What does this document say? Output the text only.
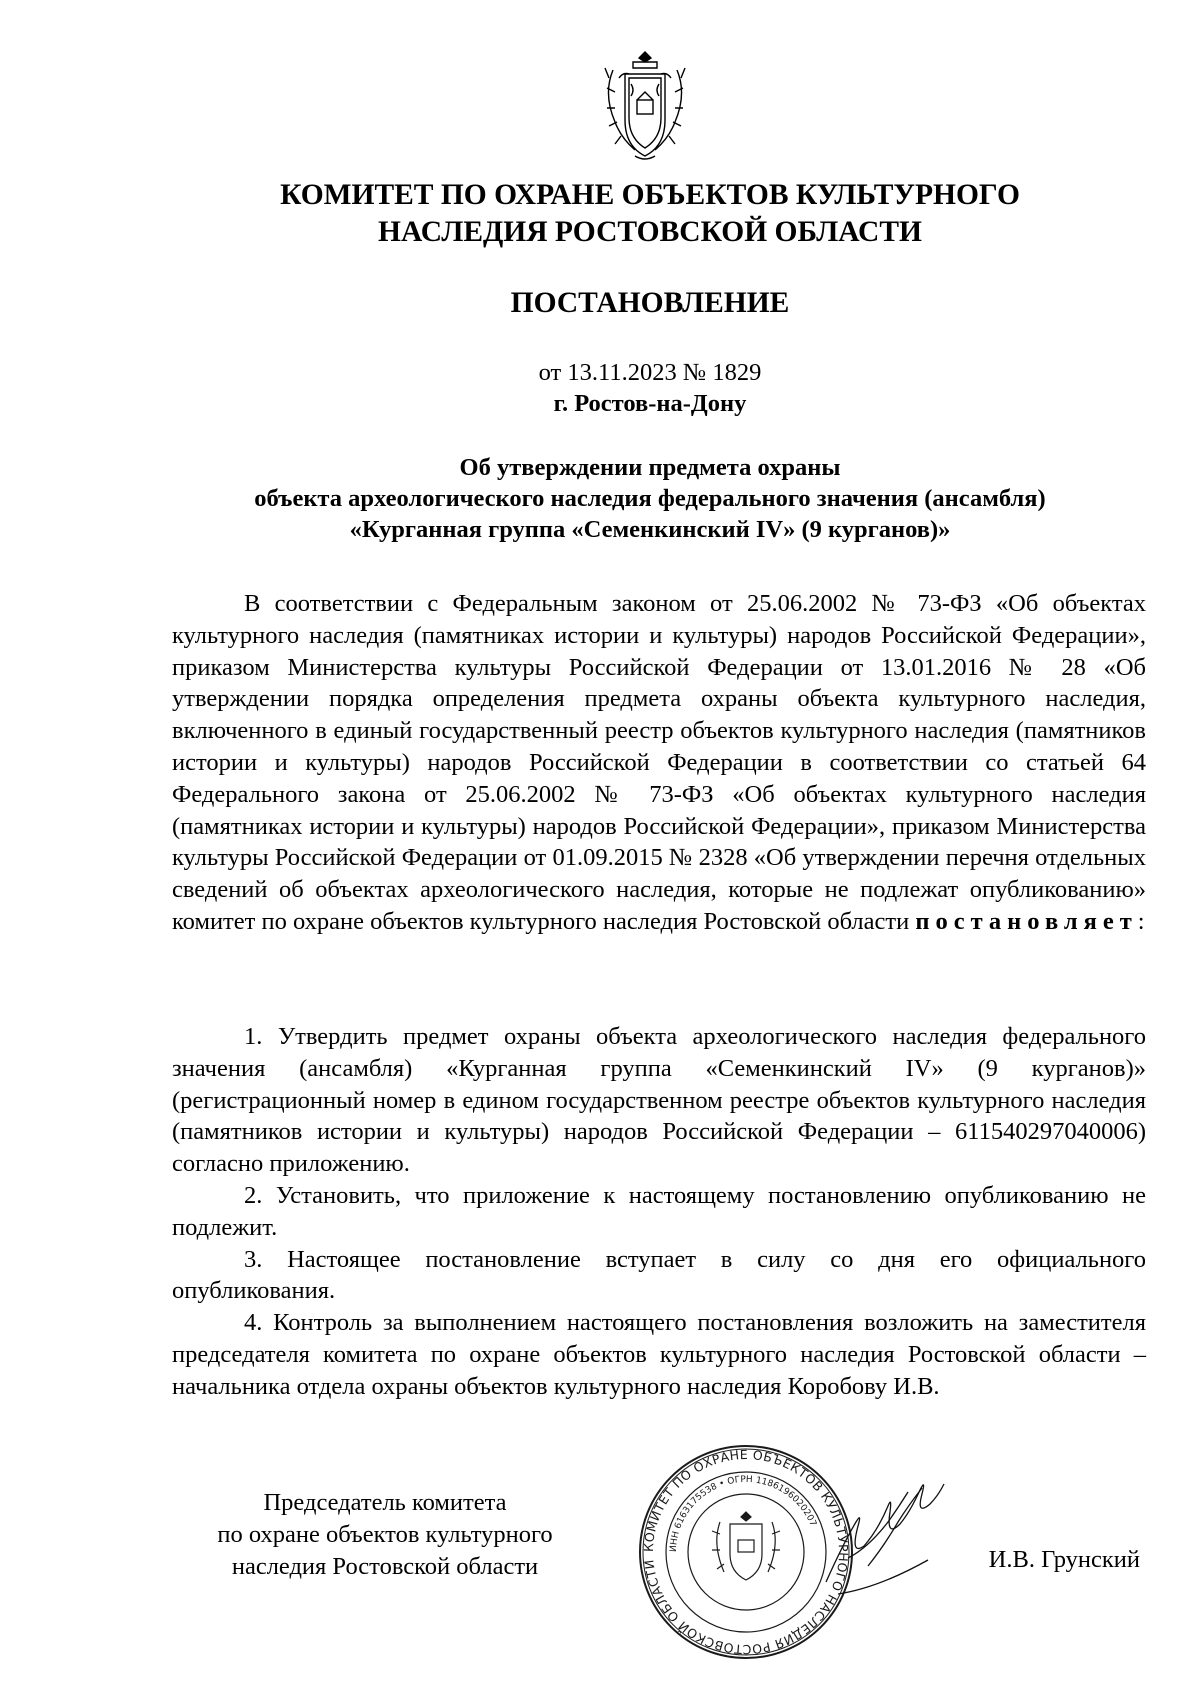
КОМИТЕТ ПО ОХРАНЕ ОБЪЕКТОВ КУЛЬТУРНОГО
НАСЛЕДИЯ РОСТОВСКОЙ ОБЛАСТИ
ПОСТАНОВЛЕНИЕ
от 13.11.2023 № 1829
г. Ростов-на-Дону
Об утверждении предмета охраны
объекта археологического наследия федерального значения (ансамбля)
«Курганная группа «Семенкинский IV» (9 курганов)»

В соответствии с Федеральным законом от 25.06.2002 № 73-ФЗ «Об объектах культурного наследия (памятниках истории и культуры) народов Российской Федерации», приказом Министерства культуры Российской Федерации от 13.01.2016 № 28 «Об утверждении порядка определения предмета охраны объекта культурного наследия, включенного в единый государственный реестр объектов культурного наследия (памятников истории и культуры) народов Российской Федерации в соответствии со статьей 64 Федерального закона от 25.06.2002 № 73-ФЗ «Об объектах культурного наследия (памятниках истории и культуры) народов Российской Федерации», приказом Министерства культуры Российской Федерации от 01.09.2015 № 2328 «Об утверждении перечня отдельных сведений об объектах археологического наследия, которые не подлежат опубликованию» комитет по охране объектов культурного наследия Ростовской области постановляет:

1. Утвердить предмет охраны объекта археологического наследия федерального значения (ансамбля) «Курганная группа «Семенкинский IV» (9 курганов)» (регистрационный номер в едином государственном реестре объектов культурного наследия (памятников истории и культуры) народов Российской Федерации – 611540297040006) согласно приложению.

2. Установить, что приложение к настоящему постановлению опубликованию не подлежит.

3. Настоящее постановление вступает в силу со дня его официального опубликования.

4. Контроль за выполнением настоящего постановления возложить на заместителя председателя комитета по охране объектов культурного наследия Ростовской области – начальника отдела охраны объектов культурного наследия Коробову И.В.

Председатель комитета
по охране объектов культурного
наследия Ростовской области
КОМИТЕТ ПО ОХРАНЕ ОБЪЕКТОВ КУЛЬТУРНОГО НАСЛЕДИЯ РОСТОВСКОЙ ОБЛАСТИ
ИНН 6163175538 • ОГРН 1186196020207
И.В. Грунский
